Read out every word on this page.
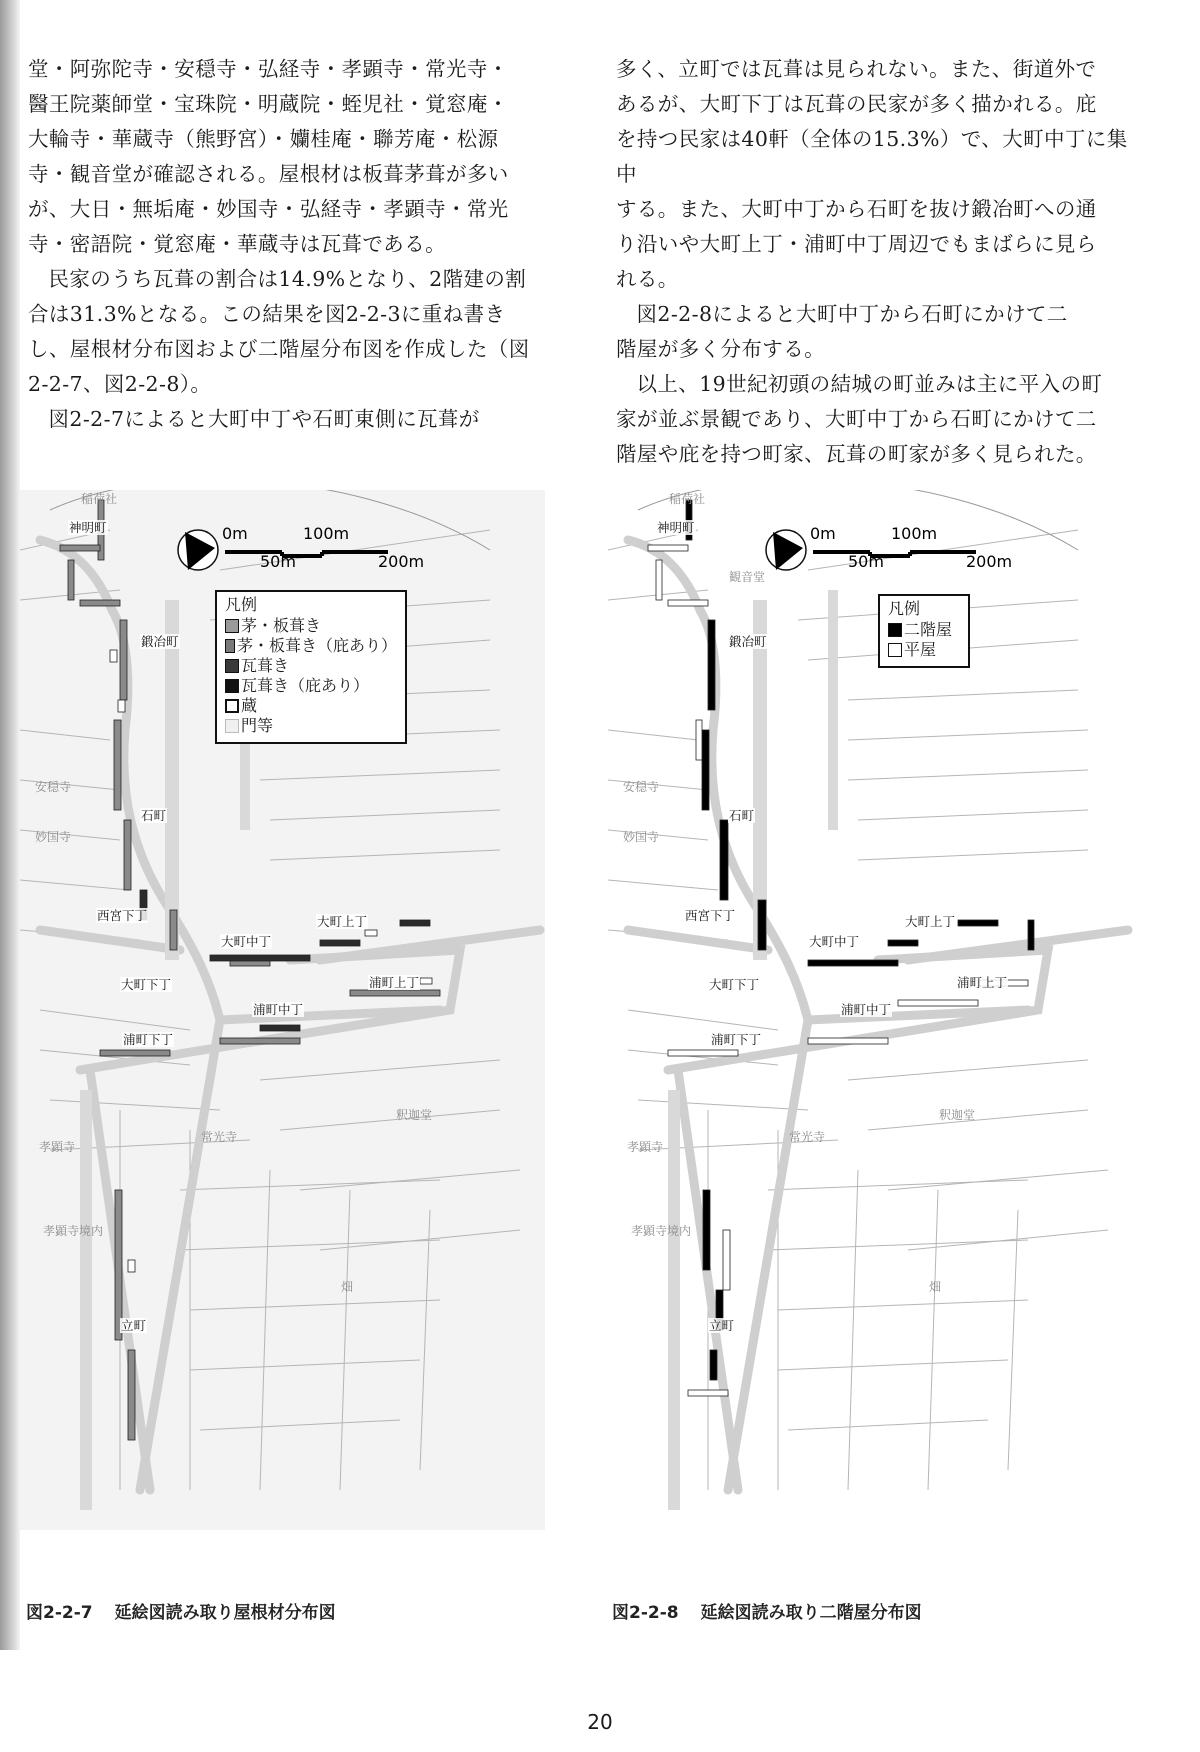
堂・阿弥陀寺・安穏寺・弘経寺・孝顕寺・常光寺・

醫王院薬師堂・宝珠院・明蔵院・蛭児社・覚窓庵・

大輪寺・華蔵寺（熊野宮）・孏桂庵・聯芳庵・松源

寺・観音堂が確認される。屋根材は板葺茅葺が多い

が、大日・無垢庵・妙国寺・弘経寺・孝顕寺・常光

寺・密語院・覚窓庵・華蔵寺は瓦葺である。

民家のうち瓦葺の割合は14.9%となり、2階建の割

合は31.3%となる。この結果を図2-2-3に重ね書き

し、屋根材分布図および二階屋分布図を作成した（図

2-2-7、図2-2-8）。

図2-2-7によると大町中丁や石町東側に瓦葺が

多く、立町では瓦葺は見られない。また、街道外で

あるが、大町下丁は瓦葺の民家が多く描かれる。庇

を持つ民家は40軒（全体の15.3%）で、大町中丁に集中

する。また、大町中丁から石町を抜け鍛冶町への通

り沿いや大町上丁・浦町中丁周辺でもまばらに見ら

れる。

図2-2-8によると大町中丁から石町にかけて二

階屋が多く分布する。

以上、19世紀初頭の結城の町並みは主に平入の町

家が並ぶ景観であり、大町中丁から石町にかけて二

階屋や庇を持つ町家、瓦葺の町家が多く見られた。

0m	100m
50m	200m
凡例
茅・板葺き
茅・板葺き（庇あり）
瓦葺き
瓦葺き（庇あり）
蔵
門等
神明町
鍛冶町
石町
西宮下丁	大町上丁
大町中丁
大町下丁	浦町上丁
浦町中丁
浦町下丁
立町
常光寺
孝顕寺境内
釈迦堂
畑
稲荷社
妙国寺
安穏寺
孝顕寺
0m	100m
50m	200m
凡例
二階屋
平屋
神明町
鍛冶町
石町
西宮下丁	大町上丁
大町中丁
大町下丁	浦町上丁
浦町中丁
浦町下丁
立町
常光寺
孝顕寺境内
釈迦堂
畑
稲荷社
妙国寺
安穏寺
観音堂
孝顕寺
図2-2-7 延絵図読み取り屋根材分布図	図2-2-8 延絵図読み取り二階屋分布図
20
